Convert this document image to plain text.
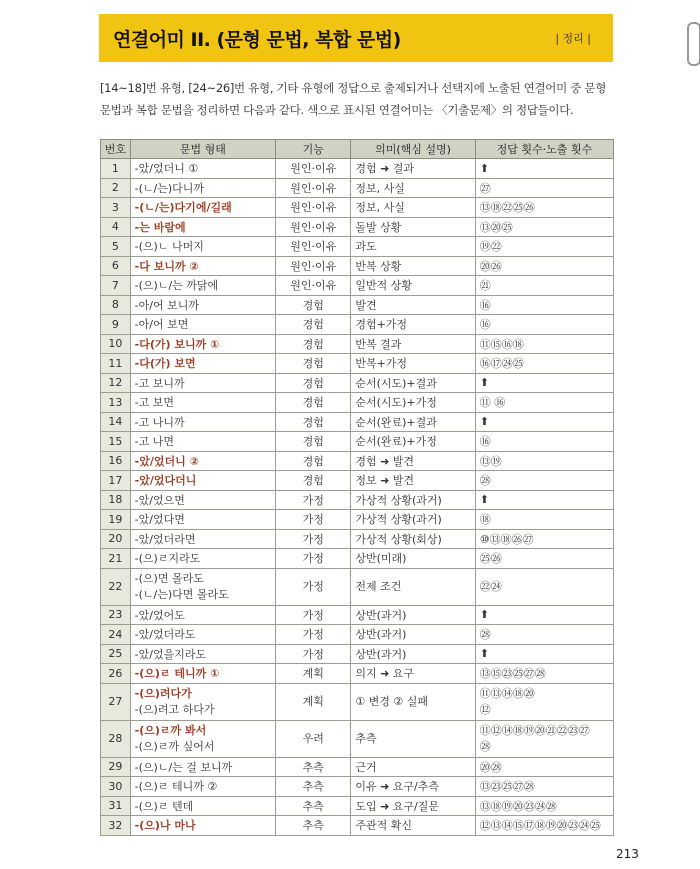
연결어미 II. (문형 문법, 복합 문법)	| 정리 |
[14~18]번 유형, [24~26]번 유형, 기타 유형에 정답으로 출제되거나 선택지에 노출된 연결어미 중 문형 문법과 복합 문법을 정리하면 다음과 같다. 색으로 표시된 연결어미는 〈기출문제〉의 정답들이다.
번호	문법 형태	기능	의미(핵심 설명)	정답 횟수·노출 횟수
1	-았/었더니 ①	원인·이유	경험 ➜ 결과	⬆
2	-(ㄴ/는)다니까	원인·이유	정보, 사실	㉗
3	-(ㄴ/는)다기에/길래	원인·이유	정보, 사실	⑬⑱㉒㉕㉖
4	-는 바람에	원인·이유	돌발 상황	⑬⑳㉕
5	-(으)ㄴ 나머지	원인·이유	과도	⑲㉒
6	-다 보니까 ②	원인·이유	반복 상황	⑳㉖
7	-(으)ㄴ/는 까닭에	원인·이유	일반적 상황	㉑
8	-아/어 보니까	경험	발견	⑯
9	-아/어 보면	경험	경험+가정	⑯
10	-다(가) 보니까 ①	경험	반복 결과	⑪⑮⑯⑱
11	-다(가) 보면	경험	반복+가정	⑯⑰㉔㉕
12	-고 보니까	경험	순서(시도)+결과	⬆
13	-고 보면	경험	순서(시도)+가정	⑪ ⑯
14	-고 나니까	경험	순서(완료)+결과	⬆
15	-고 나면	경험	순서(완료)+가정	⑯
16	-았/었더니 ②	경험	경험 ➜ 발견	⑬⑲
17	-았/었다더니	경험	정보 ➜ 발견	㉘
18	-았/었으면	가정	가상적 상황(과거)	⬆
19	-았/었다면	가정	가상적 상황(과거)	⑱
20	-았/었더라면	가정	가상적 상황(회상)	⑩⑬⑱㉖㉗
21	-(으)ㄹ지라도	가정	상반(미래)	㉕㉖
22	-(으)면 몰라도
-(ㄴ/는)다면 몰라도	가정	전제 조건	㉒㉔
23	-았/었어도	가정	상반(과거)	⬆
24	-았/었더라도	가정	상반(과거)	㉘
25	-았/었을지라도	가정	상반(과거)	⬆
26	-(으)ㄹ 테니까 ①	계획	의지 ➜ 요구	⑬⑮㉓㉕㉗㉘
27	-(으)려다가
-(으)려고 하다가	계획	① 변경 ② 실패	⑪⑬⑭⑱⑳
⑫
28	-(으)ㄹ까 봐서
-(으)ㄹ까 싶어서	우려	추측	⑪⑫⑭⑱⑲⑳㉑㉒㉓㉗
㉘
29	-(으)ㄴ/는 걸 보니까	추측	근거	⑳㉘
30	-(으)ㄹ 테니까 ②	추측	이유 ➜ 요구/추측	⑬㉓㉕㉗㉘
31	-(으)ㄹ 텐데	추측	도입 ➜ 요구/질문	⑬⑱⑲⑳㉓㉔㉘
32	-(으)나 마나	추측	주관적 확신	⑫⑬⑭⑮⑰⑱⑲⑳㉓㉔㉕
213
